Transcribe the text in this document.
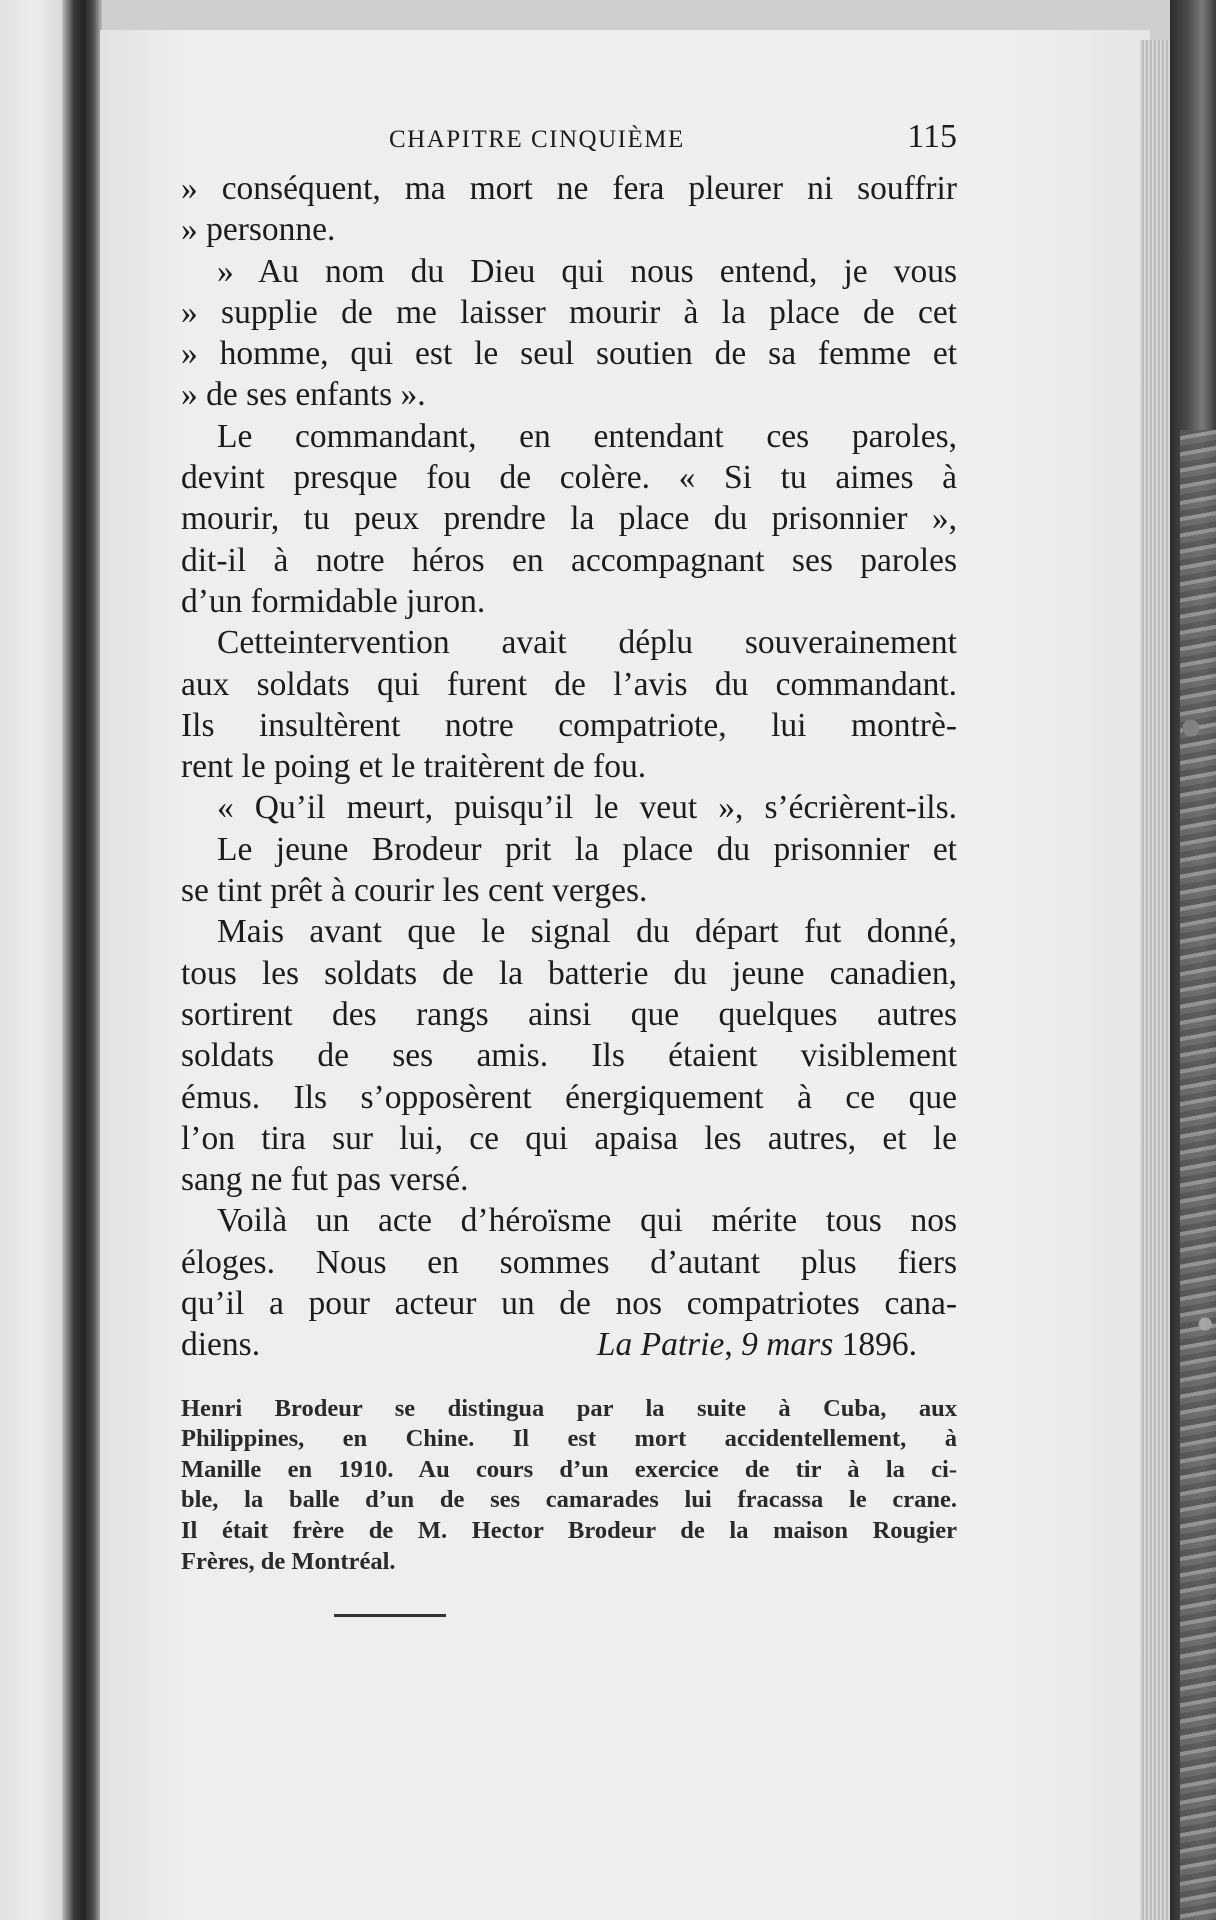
CHAPITRE CINQUIÈME	115
» conséquent, ma mort ne fera pleurer ni souffrir
» personne.
» Au nom du Dieu qui nous entend, je vous
» supplie de me laisser mourir à la place de cet
» homme, qui est le seul soutien de sa femme et
» de ses enfants ».
Le commandant, en entendant ces paroles,
devint presque fou de colère. « Si tu aimes à
mourir, tu peux prendre la place du prisonnier »,
dit-il à notre héros en accompagnant ses paroles
d’un formidable juron.
Cetteintervention avait déplu souverainement
aux soldats qui furent de l’avis du commandant.
Ils insultèrent notre compatriote, lui montrè-
rent le poing et le traitèrent de fou.
« Qu’il meurt, puisqu’il le veut », s’écrièrent-ils.
Le jeune Brodeur prit la place du prisonnier et
se tint prêt à courir les cent verges.
Mais avant que le signal du départ fut donné,
tous les soldats de la batterie du jeune canadien,
sortirent des rangs ainsi que quelques autres
soldats de ses amis. Ils étaient visiblement
émus. Ils s’opposèrent énergiquement à ce que
l’on tira sur lui, ce qui apaisa les autres, et le
sang ne fut pas versé.
Voilà un acte d’héroïsme qui mérite tous nos
éloges. Nous en sommes d’autant plus fiers
qu’il a pour acteur un de nos compatriotes cana-
diens.	La Patrie, 9 mars 1896.
Henri Brodeur se distingua par la suite à Cuba, aux
Philippines, en Chine. Il est mort accidentellement, à
Manille en 1910. Au cours d’un exercice de tir à la ci-
ble, la balle d’un de ses camarades lui fracassa le crane.
Il était frère de M. Hector Brodeur de la maison Rougier
Frères, de Montréal.
